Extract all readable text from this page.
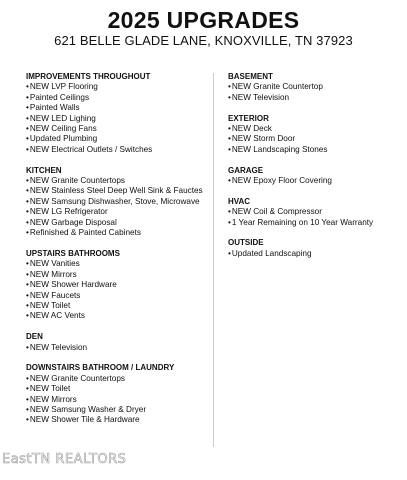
2025 UPGRADES
621 BELLE GLADE LANE, KNOXVILLE, TN 37923
IMPROVEMENTS THROUGHOUT
• NEW LVP Flooring
• Painted Ceilings
• Painted Walls
• NEW LED Lighing
• NEW Ceiling Fans
• Updated Plumbing
• NEW Electrical Outlets / Switches
KITCHEN
• NEW Granite Countertops
• NEW Stainless Steel Deep Well Sink & Fauctes
• NEW Samsung Dishwasher, Stove, Microwave
• NEW LG Refrigerator
• NEW Garbage Disposal
• Refinished & Painted Cabinets
UPSTAIRS BATHROOMS
• NEW Vanities
• NEW Mirrors
• NEW Shower Hardware
• NEW Faucets
• NEW Toilet
• NEW AC Vents
DEN
• NEW Television
DOWNSTAIRS BATHROOM / LAUNDRY
• NEW Granite Countertops
• NEW Toilet
• NEW Mirrors
• NEW Samsung Washer & Dryer
• NEW Shower Tile & Hardware
BASEMENT
• NEW Granite Countertop
• NEW Television
EXTERIOR
• NEW Deck
• NEW Storm Door
• NEW Landscaping Stones
GARAGE
• NEW Epoxy Floor Covering
HVAC
• NEW Coil & Compressor
• 1 Year Remaining on 10 Year Warranty
OUTSIDE
• Updated Landscaping
EastTN REALTORS
